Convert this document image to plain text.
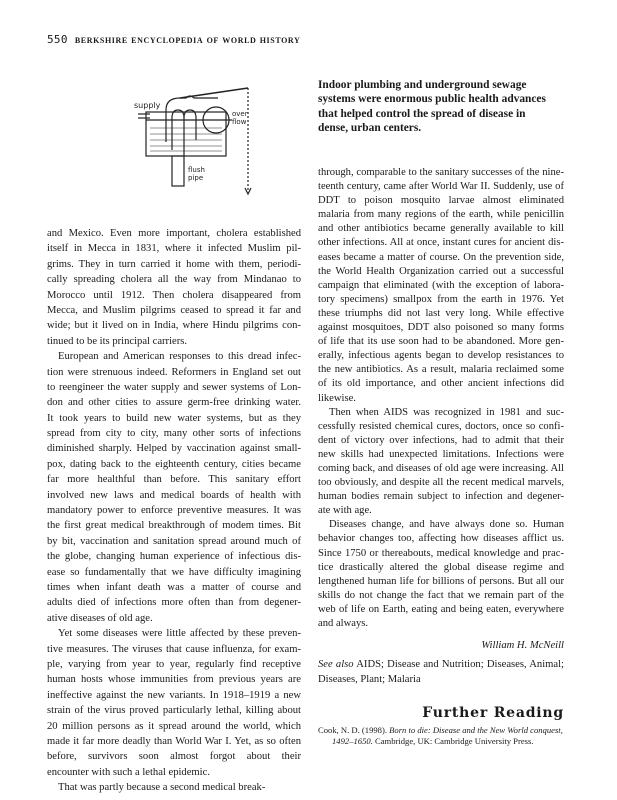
550 berkshire encyclopedia of world history
supply
over
flow
flush
pipe
Indoor plumbing and underground sewage systems were enormous public health advances that helped control the spread of disease in dense, urban centers.
and Mexico. Even more important, cholera established
itself in Mecca in 1831, where it infected Muslim pil-
grims. They in turn carried it home with them, periodi-
cally spreading cholera all the way from Mindanao to
Morocco until 1912. Then cholera disappeared from
Mecca, and Muslim pilgrims ceased to spread it far and
wide; but it lived on in India, where Hindu pilgrims con-
tinued to be its principal carriers.
European and American responses to this dread infec-
tion were strenuous indeed. Reformers in England set out
to reengineer the water supply and sewer systems of Lon-
don and other cities to assure germ-free drinking water.
It took years to build new water systems, but as they
spread from city to city, many other sorts of infections
diminished sharply. Helped by vaccination against small-
pox, dating back to the eighteenth century, cities became
far more healthful than before. This sanitary effort
involved new laws and medical boards of health with
mandatory power to enforce preventive measures. It was
the first great medical breakthrough of modem times. Bit
by bit, vaccination and sanitation spread around much of
the globe, changing human experience of infectious dis-
ease so fundamentally that we have difficulty imagining
times when infant death was a matter of course and
adults died of infections more often than from degener-
ative diseases of old age.
Yet some diseases were little affected by these preven-
tive measures. The viruses that cause influenza, for exam-
ple, varying from year to year, regularly find receptive
human hosts whose immunities from previous years are
ineffective against the new variants. In 1918–1919 a new
strain of the virus proved particularly lethal, killing about
20 million persons as it spread around the world, which
made it far more deadly than World War I. Yet, as so often
before, survivors soon almost forgot about their
encounter with such a lethal epidemic.
That was partly because a second medical break-
through, comparable to the sanitary successes of the nine-
teenth century, came after World War II. Suddenly, use of
DDT to poison mosquito larvae almost eliminated
malaria from many regions of the earth, while penicillin
and other antibiotics became generally available to kill
other infections. All at once, instant cures for ancient dis-
eases became a matter of course. On the prevention side,
the World Health Organization carried out a successful
campaign that eliminated (with the exception of labora-
tory specimens) smallpox from the earth in 1976. Yet
these triumphs did not last very long. While effective
against mosquitoes, DDT also poisoned so many forms
of life that its use soon had to be abandoned. More gen-
erally, infectious agents began to develop resistances to
the new antibiotics. As a result, malaria reclaimed some
of its old importance, and other ancient infections did
likewise.
Then when AIDS was recognized in 1981 and suc-
cessfully resisted chemical cures, doctors, once so confi-
dent of victory over infections, had to admit that their
new skills had unexpected limitations. Infections were
coming back, and diseases of old age were increasing. All
too obviously, and despite all the recent medical marvels,
human bodies remain subject to infection and degener-
ate with age.
Diseases change, and have always done so. Human
behavior changes too, affecting how diseases afflict us.
Since 1750 or thereabouts, medical knowledge and prac-
tice drastically altered the global disease regime and
lengthened human life for billions of persons. But all our
skills do not change the fact that we remain part of the
web of life on Earth, eating and being eaten, everywhere
and always.
William H. McNeill
See also AIDS; Disease and Nutrition; Diseases, Animal;
Diseases, Plant; Malaria
Further Reading
Cook, N. D. (1998). Born to die: Disease and the New World conquest,
1492–1650. Cambridge, UK: Cambridge University Press.
